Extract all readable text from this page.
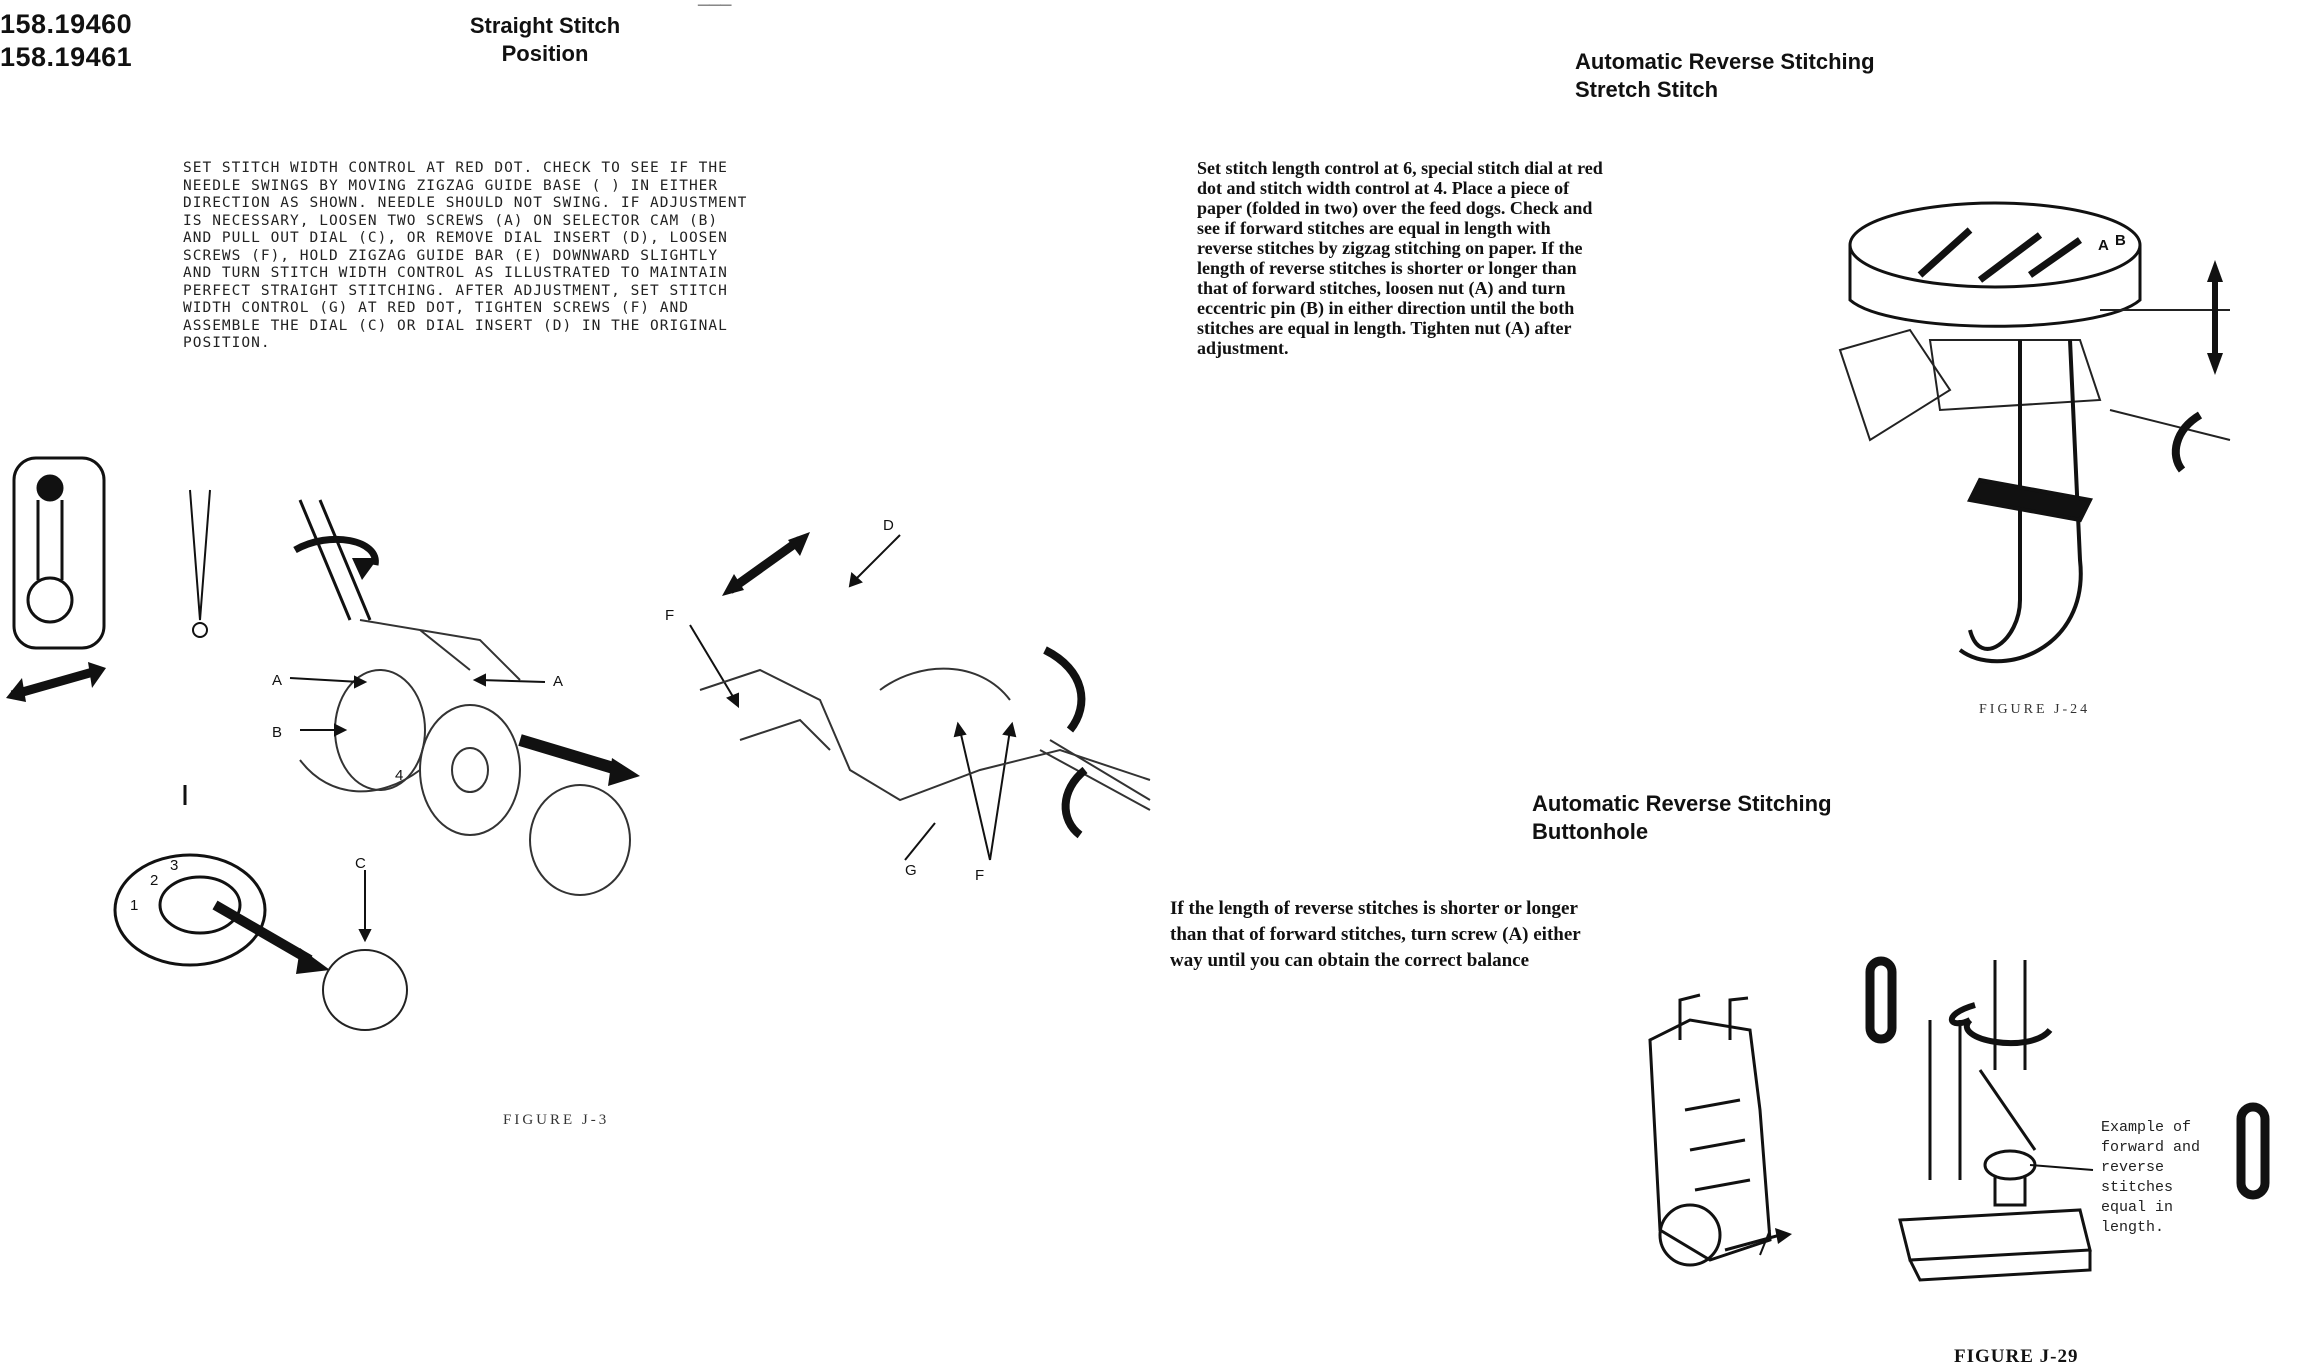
158.19460
158.19461
Straight Stitch
Position
SET STITCH WIDTH CONTROL AT RED DOT. CHECK TO SEE IF THE
NEEDLE SWINGS BY MOVING ZIGZAG GUIDE BASE ( ) IN EITHER
DIRECTION AS SHOWN. NEEDLE SHOULD NOT SWING. IF ADJUSTMENT
IS NECESSARY, LOOSEN TWO SCREWS (A) ON SELECTOR CAM (B)
AND PULL OUT DIAL (C), OR REMOVE DIAL INSERT (D), LOOSEN
SCREWS (F), HOLD ZIGZAG GUIDE BAR (E) DOWNWARD SLIGHTLY
AND TURN STITCH WIDTH CONTROL AS ILLUSTRATED TO MAINTAIN
PERFECT STRAIGHT STITCHING. AFTER ADJUSTMENT, SET STITCH
WIDTH CONTROL (G) AT RED DOT, TIGHTEN SCREWS (F) AND
ASSEMBLE THE DIAL (C) OR DIAL INSERT (D) IN THE ORIGINAL
POSITION.
A
B
A
C
D
F
G	F
1
2
3
4
FIGURE J-3
Automatic Reverse Stitching
Stretch Stitch
Set stitch length control at 6, special stitch dial at red
dot and stitch width control at 4. Place a piece of
paper (folded in two) over the feed dogs. Check and
see if forward stitches are equal in length with
reverse stitches by zigzag stitching on paper. If the
length of reverse stitches is shorter or longer than
that of forward stitches, loosen nut (A) and turn
eccentric pin (B) in either direction until the both
stitches are equal in length. Tighten nut (A) after
adjustment.
A B
FIGURE J-24
Automatic Reverse Stitching
Buttonhole
If the length of reverse stitches is shorter or longer
than that of forward stitches, turn screw (A) either
way until you can obtain the correct balance
Example of
forward and
reverse
stitches
equal in
length.
FIGURE J-29
